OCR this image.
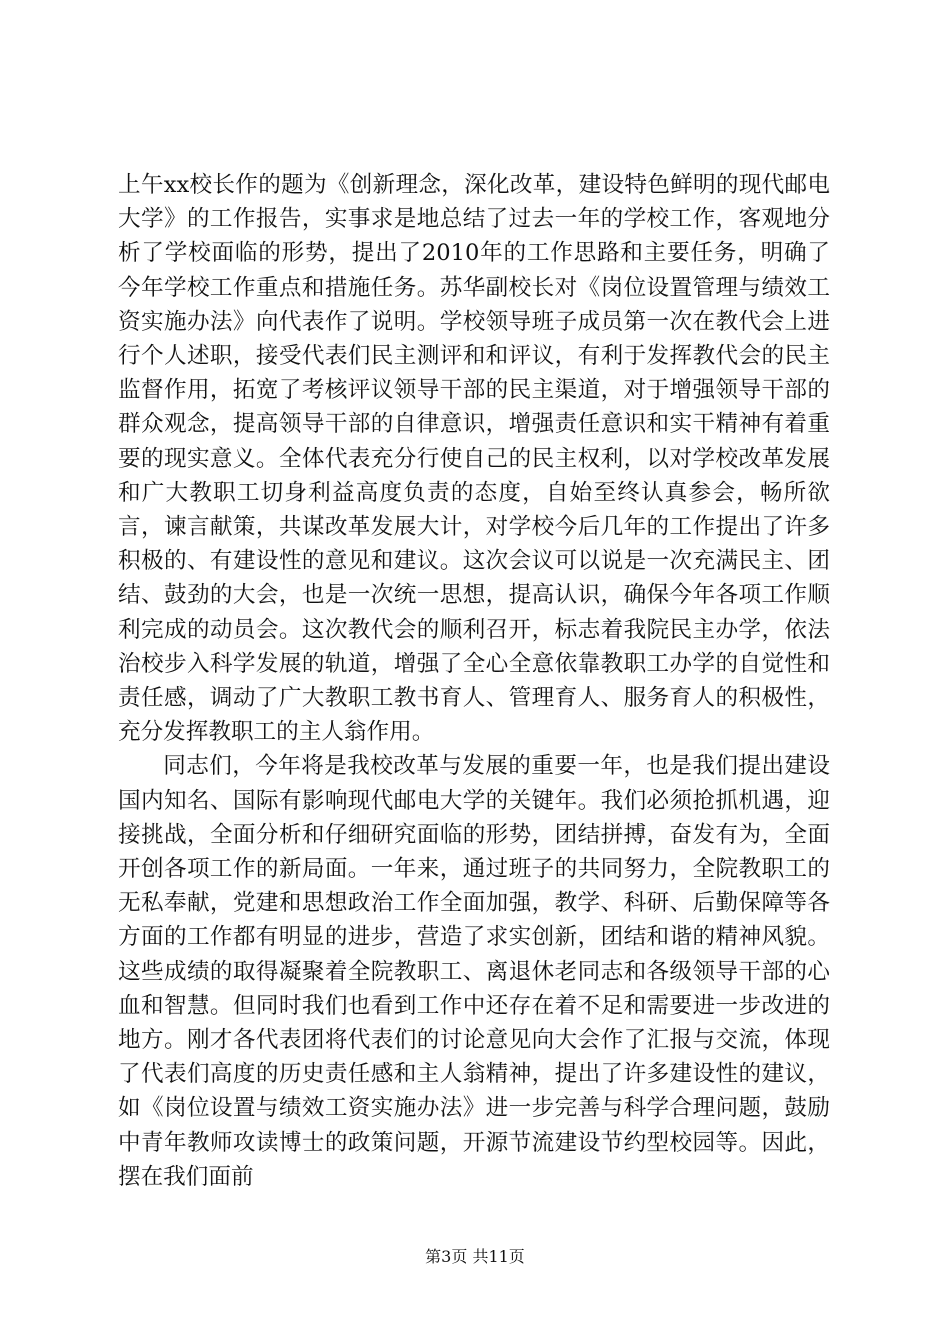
上午xx校长作的题为《创新理念，深化改革，建设特色鲜明的现代邮电大学》的工作报告，实事求是地总结了过去一年的学校工作，客观地分析了学校面临的形势，提出了2010年的工作思路和主要任务，明确了今年学校工作重点和措施任务。苏华副校长对《岗位设置管理与绩效工资实施办法》向代表作了说明。学校领导班子成员第一次在教代会上进行个人述职，接受代表们民主测评和和评议，有利于发挥教代会的民主监督作用，拓宽了考核评议领导干部的民主渠道，对于增强领导干部的群众观念，提高领导干部的自律意识，增强责任意识和实干精神有着重要的现实意义。全体代表充分行使自己的民主权利，以对学校改革发展和广大教职工切身利益高度负责的态度，自始至终认真参会，畅所欲言，谏言献策，共谋改革发展大计，对学校今后几年的工作提出了许多积极的、有建设性的意见和建议。这次会议可以说是一次充满民主、团结、鼓劲的大会，也是一次统一思想，提高认识，确保今年各项工作顺利完成的动员会。这次教代会的顺利召开，标志着我院民主办学，依法治校步入科学发展的轨道，增强了全心全意依靠教职工办学的自觉性和责任感，调动了广大教职工教书育人、管理育人、服务育人的积极性，充分发挥教职工的主人翁作用。

同志们，今年将是我校改革与发展的重要一年，也是我们提出建设国内知名、国际有影响现代邮电大学的关键年。我们必须抢抓机遇，迎接挑战，全面分析和仔细研究面临的形势，团结拼搏，奋发有为，全面开创各项工作的新局面。一年来，通过班子的共同努力，全院教职工的无私奉献，党建和思想政治工作全面加强，教学、科研、后勤保障等各方面的工作都有明显的进步，营造了求实创新，团结和谐的精神风貌。这些成绩的取得凝聚着全院教职工、离退休老同志和各级领导干部的心血和智慧。但同时我们也看到工作中还存在着不足和需要进一步改进的地方。刚才各代表团将代表们的讨论意见向大会作了汇报与交流，体现了代表们高度的历史责任感和主人翁精神，提出了许多建设性的建议，如《岗位设置与绩效工资实施办法》进一步完善与科学合理问题，鼓励中青年教师攻读博士的政策问题，开源节流建设节约型校园等。因此，摆在我们面前

第3页 共11页
